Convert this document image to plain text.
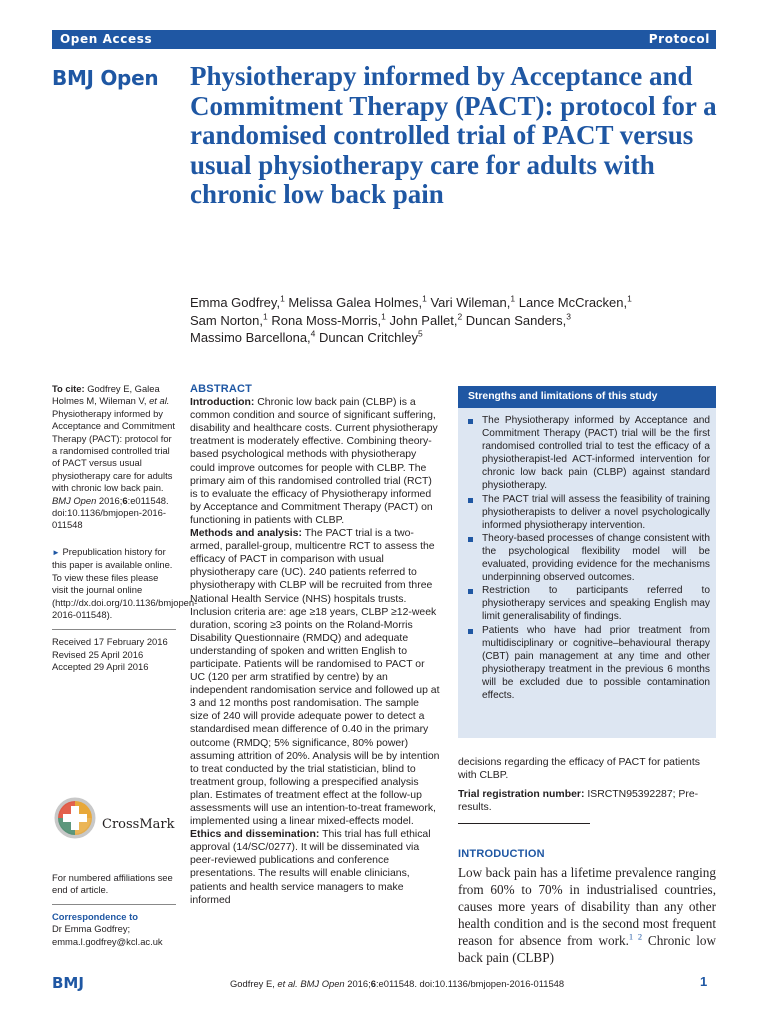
Open Access	Protocol
BMJ Open Physiotherapy informed by Acceptance and Commitment Therapy (PACT): protocol for a randomised controlled trial of PACT versus usual physiotherapy care for adults with chronic low back pain
Emma Godfrey,$^1$ Melissa Galea Holmes,$^1$ Vari Wileman,$^1$ Lance McCracken,$^1$
Sam Norton,$^1$ Rona Moss-Morris,$^1$ John Pallet,$^2$ Duncan Sanders,$^3$
Massimo Barcellona,$^4$ Duncan Critchley$^5$

To cite: Godfrey E, Galea Holmes M, Wileman V, et al. Physiotherapy informed by Acceptance and Commitment Therapy (PACT): protocol for a randomised controlled trial of PACT versus usual physiotherapy care for adults with chronic low back pain. BMJ Open 2016;6:e011548. doi:10.1136/bmjopen-2016-011548

► Prepublication history for this paper is available online. To view these files please visit the journal online (http://dx.doi.org/10.1136/bmjopen-2016-011548).

Received 17 February 2016

Revised 25 April 2016

Accepted 29 April 2016

CrossMark

For numbered affiliations see end of article.

Correspondence to

Dr Emma Godfrey;

emma.l.godfrey@kcl.ac.uk

ABSTRACT

Introduction: Chronic low back pain (CLBP) is a common condition and source of significant suffering, disability and healthcare costs. Current physiotherapy treatment is moderately effective. Combining theory-based psychological methods with physiotherapy could improve outcomes for people with CLBP. The primary aim of this randomised controlled trial (RCT) is to evaluate the efficacy of Physiotherapy informed by Acceptance and Commitment Therapy (PACT) on functioning in patients with CLBP.

Methods and analysis: The PACT trial is a two-armed, parallel-group, multicentre RCT to assess the efficacy of PACT in comparison with usual physiotherapy care (UC). 240 patients referred to physiotherapy with CLBP will be recruited from three National Health Service (NHS) hospitals trusts. Inclusion criteria are: age ≥18 years, CLBP ≥12-week duration, scoring ≥3 points on the Roland-Morris Disability Questionnaire (RMDQ) and adequate understanding of spoken and written English to participate. Patients will be randomised to PACT or UC (120 per arm stratified by centre) by an independent randomisation service and followed up at 3 and 12 months post randomisation. The sample size of 240 will provide adequate power to detect a standardised mean difference of 0.40 in the primary outcome (RMDQ; 5% significance, 80% power) assuming attrition of 20%. Analysis will be by intention to treat conducted by the trial statistician, blind to treatment group, following a prespecified analysis plan. Estimates of treatment effect at the follow-up assessments will use an intention-to-treat framework, implemented using a linear mixed-effects model.

Ethics and dissemination: This trial has full ethical approval (14/SC/0277). It will be disseminated via peer-reviewed publications and conference presentations. The results will enable clinicians, patients and health service managers to make informed

Strengths and limitations of this study
The Physiotherapy informed by Acceptance and Commitment Therapy (PACT) trial will be the first randomised controlled trial to test the efficacy of a physiotherapist-led ACT-informed intervention for chronic low back pain (CLBP) against standard physiotherapy.
The PACT trial will assess the feasibility of training physiotherapists to deliver a novel psychologically informed physiotherapy intervention.
Theory-based processes of change consistent with the psychological flexibility model will be evaluated, providing evidence for the mechanisms underpinning observed outcomes.
Restriction to participants referred to physiotherapy services and speaking English may limit generalisability of findings.
Patients who have had prior treatment from multidisciplinary or cognitive–behavioural therapy (CBT) pain management at any time and other physiotherapy treatment in the previous 6 months will be excluded due to possible contamination effects.

decisions regarding the efficacy of PACT for patients with CLBP.

Trial registration number: ISRCTN95392287; Pre-results.

INTRODUCTION

Low back pain has a lifetime prevalence ranging from 60% to 70% in industrialised countries, causes more years of disability than any other health condition and is the second most frequent reason for absence from work.$^{1 2}$ Chronic low back pain (CLBP)

BMJ	Godfrey E, et al. BMJ Open 2016;6:e011548. doi:10.1136/bmjopen-2016-011548	1
